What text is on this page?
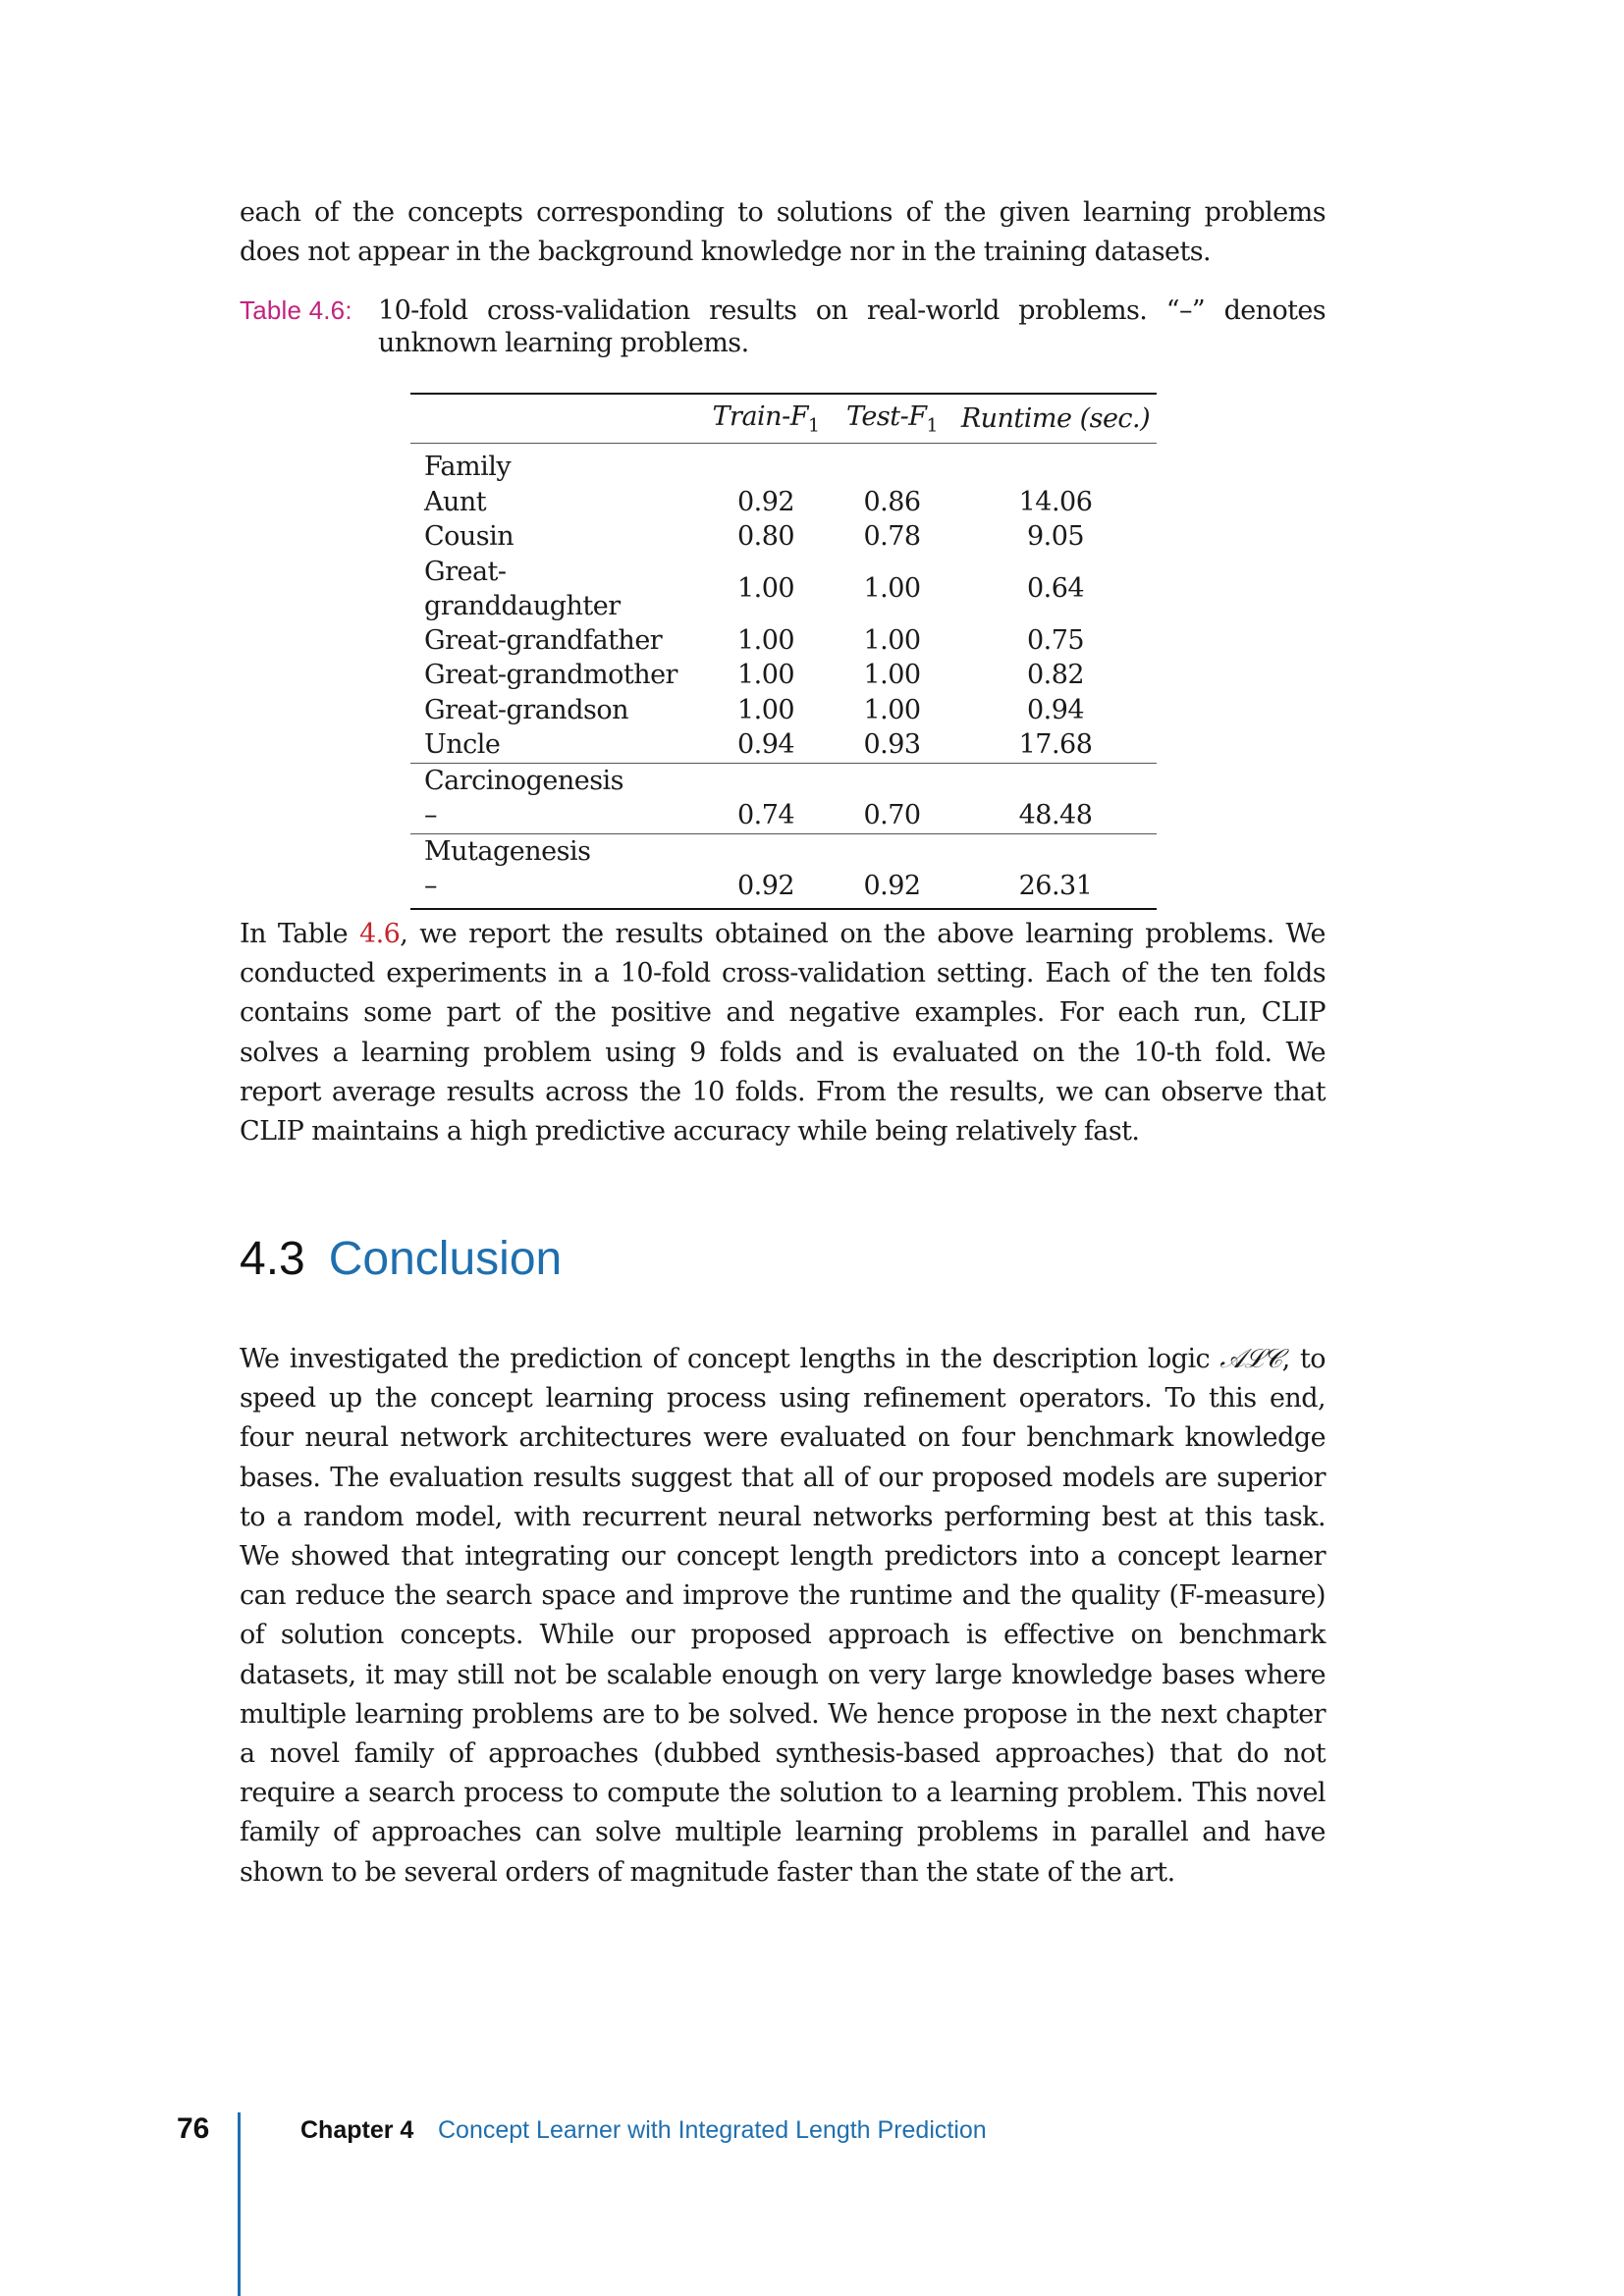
each of the concepts corresponding to solutions of the given learning problems does not appear in the background knowledge nor in the training datasets.

Table 4.6: 10-fold cross-validation results on real-world problems. “–” denotes unknown learning problems.
	Train-$F_1$	Test-$F_1$	Runtime (sec.)
Family			
Aunt	0.92	0.86	14.06
Cousin	0.80	0.78	9.05
Great-granddaughter	1.00	1.00	0.64
Great-grandfather	1.00	1.00	0.75
Great-grandmother	1.00	1.00	0.82
Great-grandson	1.00	1.00	0.94
Uncle	0.94	0.93	17.68
Carcinogenesis			
–	0.74	0.70	48.48
Mutagenesis			
–	0.92	0.92	26.31

In Table 4.6, we report the results obtained on the above learning problems. We conducted experiments in a 10-fold cross-validation setting. Each of the ten folds contains some part of the positive and negative examples. For each run, CLIP solves a learning problem using 9 folds and is evaluated on the 10-th fold. We report average results across the 10 folds. From the results, we can observe that CLIP maintains a high predictive accuracy while being relatively fast.

4.3 Conclusion

We investigated the prediction of concept lengths in the description logic 𝒜ℒ𝒞, to speed up the concept learning process using refinement operators. To this end, four neural network architectures were evaluated on four benchmark knowledge bases. The evaluation results suggest that all of our proposed models are superior to a random model, with recurrent neural networks performing best at this task. We showed that integrating our concept length predictors into a concept learner can reduce the search space and improve the runtime and the quality (F-measure) of solution concepts. While our proposed approach is effective on benchmark datasets, it may still not be scalable enough on very large knowledge bases where multiple learning problems are to be solved. We hence propose in the next chapter a novel family of approaches (dubbed synthesis-based approaches) that do not require a search process to compute the solution to a learning problem. This novel family of approaches can solve multiple learning problems in parallel and have shown to be several orders of magnitude faster than the state of the art.

76	Chapter 4 Concept Learner with Integrated Length Prediction
